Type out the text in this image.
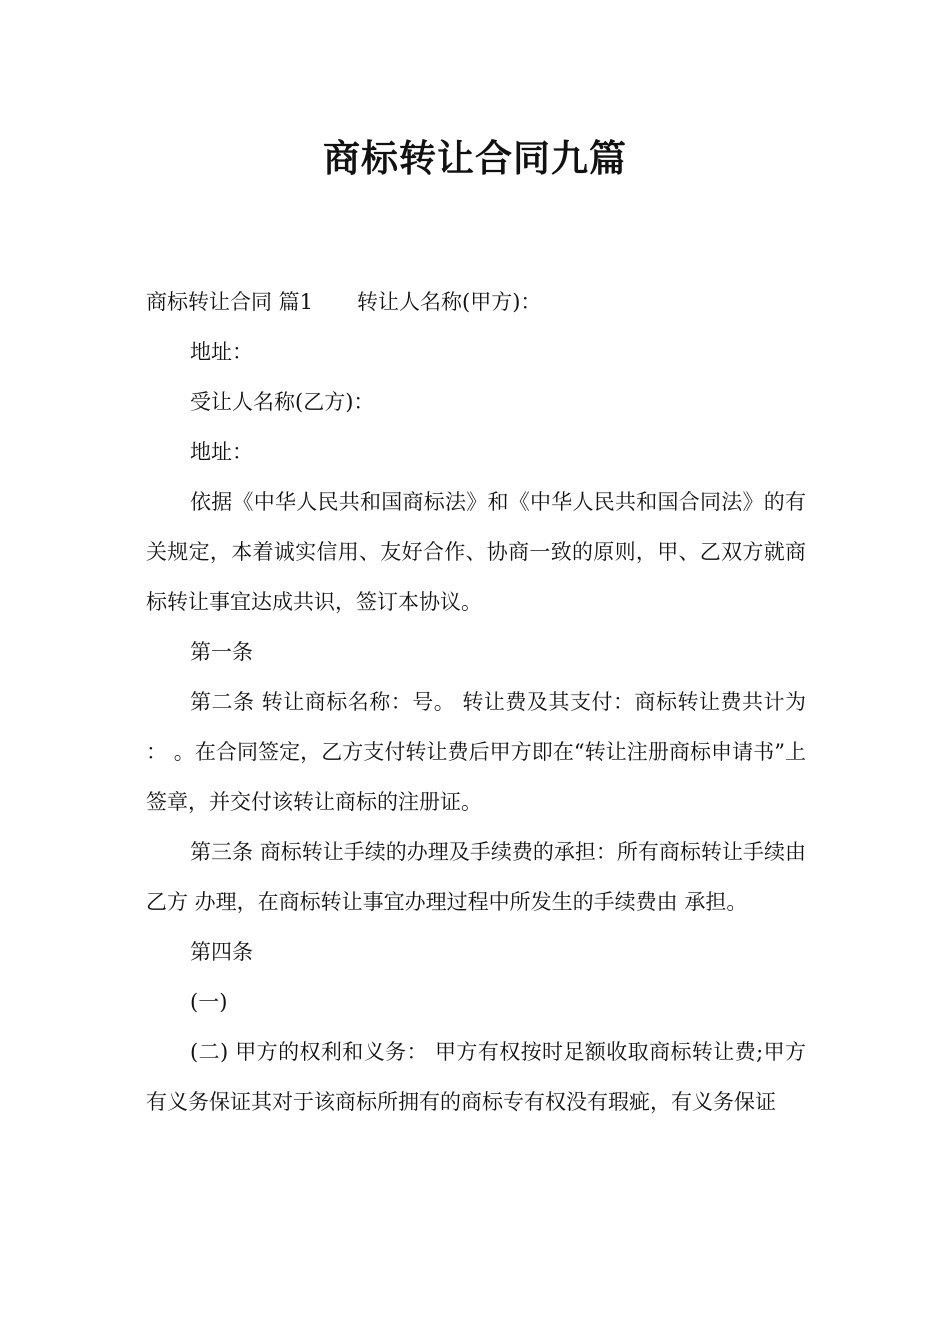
商标转让合同九篇

商标转让合同 篇1 转让人名称(甲方)：

地址：

受让人名称(乙方)：

地址：

依据《中华人民共和国商标法》和《中华人民共和国合同法》的有关规定，本着诚实信用、友好合作、协商一致的原则，甲、乙双方就商标转让事宜达成共识，签订本协议。

第一条

第二条 转让商标名称：号。 转让费及其支付：商标转让费共计为： 。在合同签定，乙方支付转让费后甲方即在“转让注册商标申请书”上签章，并交付该转让商标的注册证。

第三条 商标转让手续的办理及手续费的承担：所有商标转让手续由 乙方 办理，在商标转让事宜办理过程中所发生的手续费由 承担。

第四条

(一)

(二) 甲方的权利和义务： 甲方有权按时足额收取商标转让费;甲方有义务保证其对于该商标所拥有的商标专有权没有瑕疵，有义务保证
